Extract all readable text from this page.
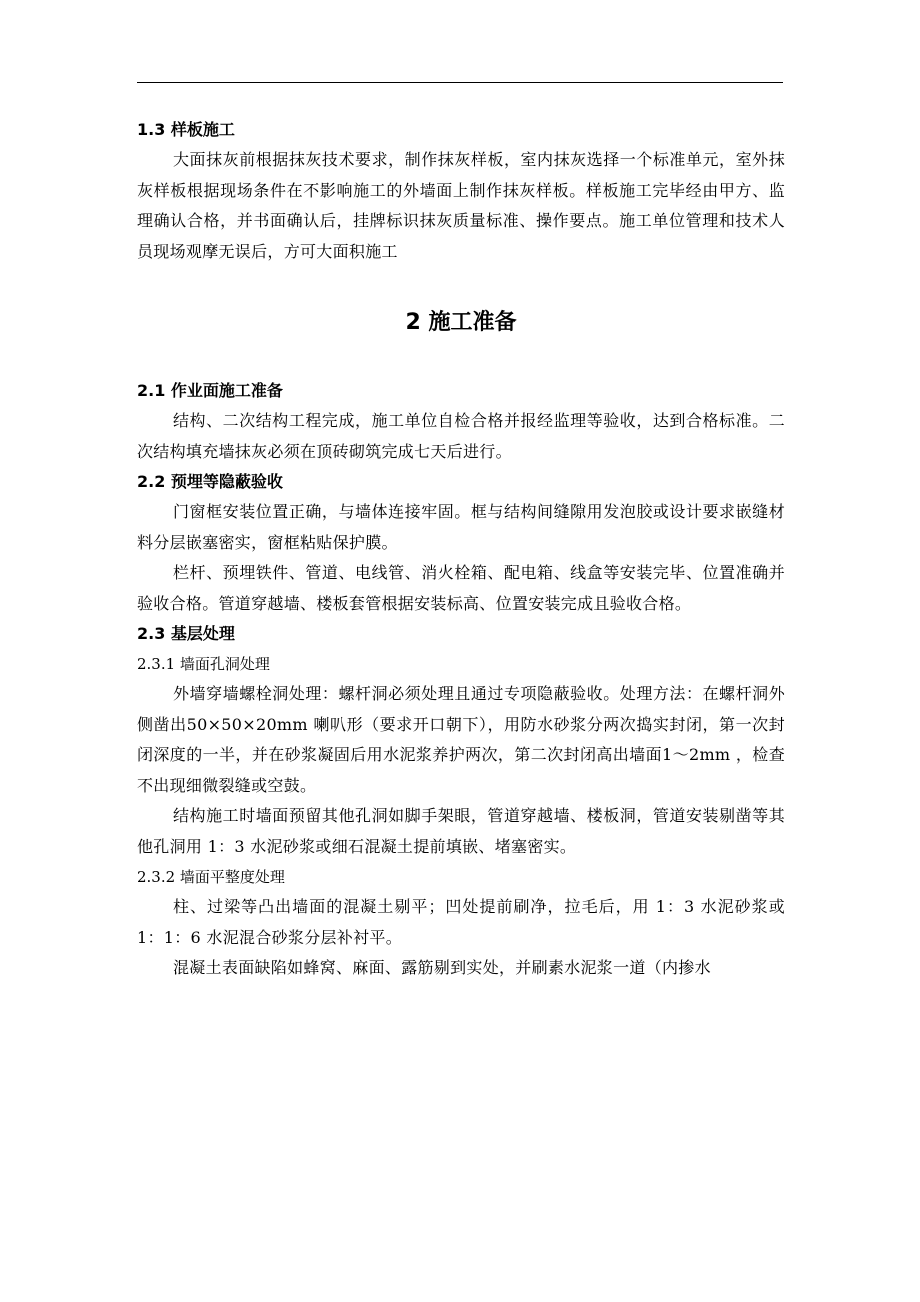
1.3 样板施工

大面抹灰前根据抹灰技术要求，制作抹灰样板，室内抹灰选择一个标准单元，室外抹灰样板根据现场条件在不影响施工的外墙面上制作抹灰样板。样板施工完毕经由甲方、监理确认合格，并书面确认后，挂牌标识抹灰质量标准、操作要点。施工单位管理和技术人员现场观摩无误后，方可大面积施工

2 施工准备
2.1 作业面施工准备

结构、二次结构工程完成，施工单位自检合格并报经监理等验收，达到合格标准。二次结构填充墙抹灰必须在顶砖砌筑完成七天后进行。

2.2 预埋等隐蔽验收

门窗框安装位置正确，与墙体连接牢固。框与结构间缝隙用发泡胶或设计要求嵌缝材料分层嵌塞密实，窗框粘贴保护膜。

栏杆、预埋铁件、管道、电线管、消火栓箱、配电箱、线盒等安装完毕、位置准确并验收合格。管道穿越墙、楼板套管根据安装标高、位置安装完成且验收合格。

2.3 基层处理
2.3.1 墙面孔洞处理

外墙穿墙螺栓洞处理：螺杆洞必须处理且通过专项隐蔽验收。处理方法：在螺杆洞外侧凿出50×50×20mm 喇叭形（要求开口朝下），用防水砂浆分两次捣实封闭，第一次封闭深度的一半，并在砂浆凝固后用水泥浆养护两次，第二次封闭高出墙面1～2mm ，检查不出现细微裂缝或空鼓。

结构施工时墙面预留其他孔洞如脚手架眼，管道穿越墙、楼板洞，管道安装剔凿等其他孔洞用 1：3 水泥砂浆或细石混凝土提前填嵌、堵塞密实。

2.3.2 墙面平整度处理

柱、过梁等凸出墙面的混凝土剔平；凹处提前刷净，拉毛后，用 1：3 水泥砂浆或 1：1：6 水泥混合砂浆分层补衬平。

混凝土表面缺陷如蜂窝、麻面、露筋剔到实处，并刷素水泥浆一道（内掺水
